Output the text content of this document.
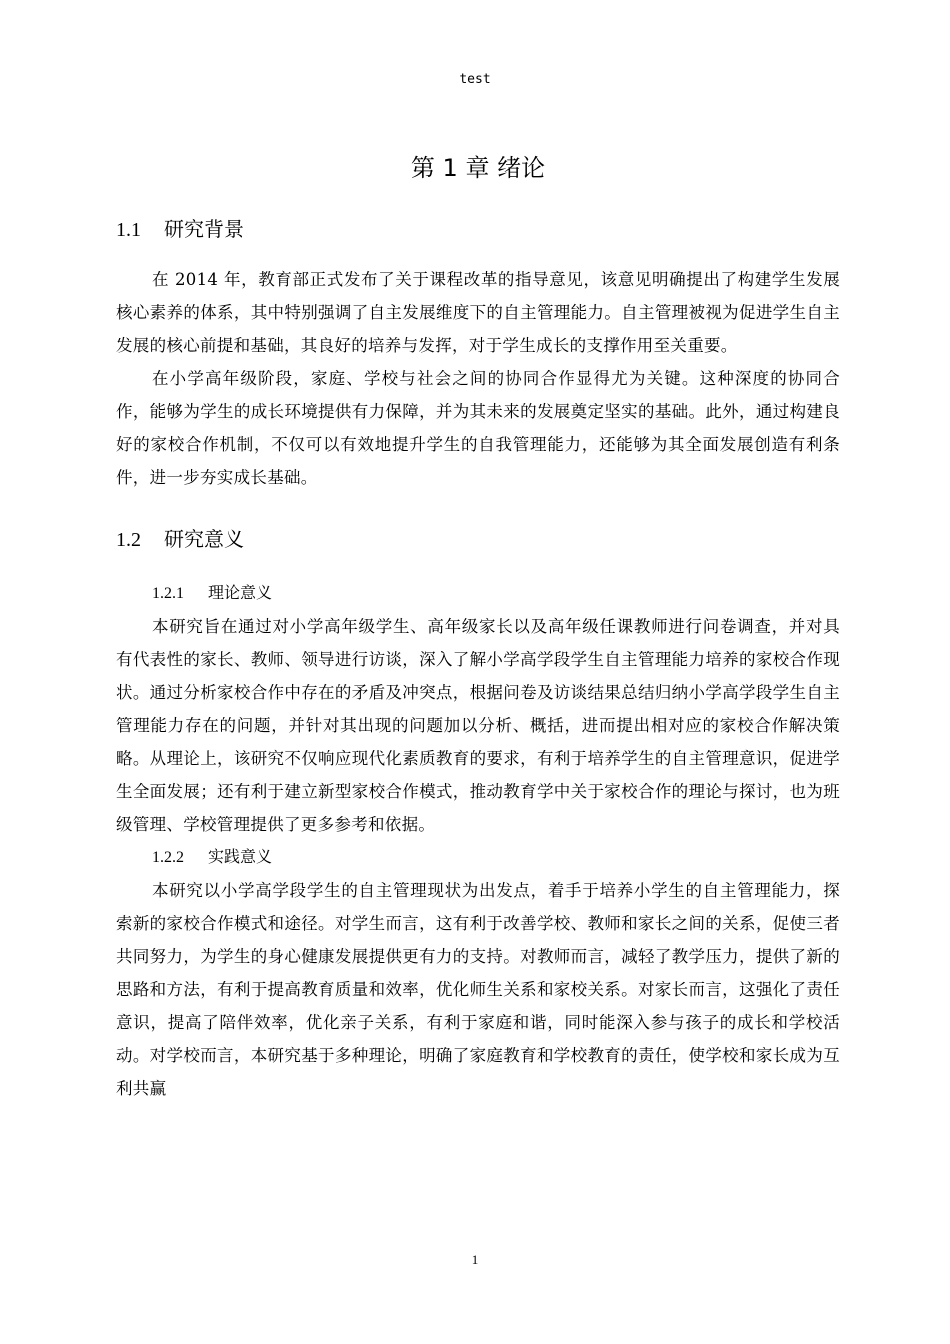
test
第 1 章 绪论
1.1 研究背景

在 2014 年，教育部正式发布了关于课程改革的指导意见，该意见明确提出了构建学生发展核心素养的体系，其中特别强调了自主发展维度下的自主管理能力。自主管理被视为促进学生自主发展的核心前提和基础，其良好的培养与发挥，对于学生成长的支撑作用至关重要。

在小学高年级阶段，家庭、学校与社会之间的协同合作显得尤为关键。这种深度的协同合作，能够为学生的成长环境提供有力保障，并为其未来的发展奠定坚实的基础。此外，通过构建良好的家校合作机制，不仅可以有效地提升学生的自我管理能力，还能够为其全面发展创造有利条件，进一步夯实成长基础。

1.2 研究意义
1.2.1 理论意义

本研究旨在通过对小学高年级学生、高年级家长以及高年级任课教师进行问卷调查，并对具有代表性的家长、教师、领导进行访谈，深入了解小学高学段学生自主管理能力培养的家校合作现状。通过分析家校合作中存在的矛盾及冲突点，根据问卷及访谈结果总结归纳小学高学段学生自主管理能力存在的问题，并针对其出现的问题加以分析、概括，进而提出相对应的家校合作解决策略。从理论上，该研究不仅响应现代化素质教育的要求，有利于培养学生的自主管理意识，促进学生全面发展；还有利于建立新型家校合作模式，推动教育学中关于家校合作的理论与探讨，也为班级管理、学校管理提供了更多参考和依据。

1.2.2 实践意义

本研究以小学高学段学生的自主管理现状为出发点，着手于培养小学生的自主管理能力，探索新的家校合作模式和途径。对学生而言，这有利于改善学校、教师和家长之间的关系，促使三者共同努力，为学生的身心健康发展提供更有力的支持。对教师而言，减轻了教学压力，提供了新的思路和方法，有利于提高教育质量和效率，优化师生关系和家校关系。对家长而言，这强化了责任意识，提高了陪伴效率，优化亲子关系，有利于家庭和谐，同时能深入参与孩子的成长和学校活动。对学校而言，本研究基于多种理论，明确了家庭教育和学校教育的责任，使学校和家长成为互利共赢

1
